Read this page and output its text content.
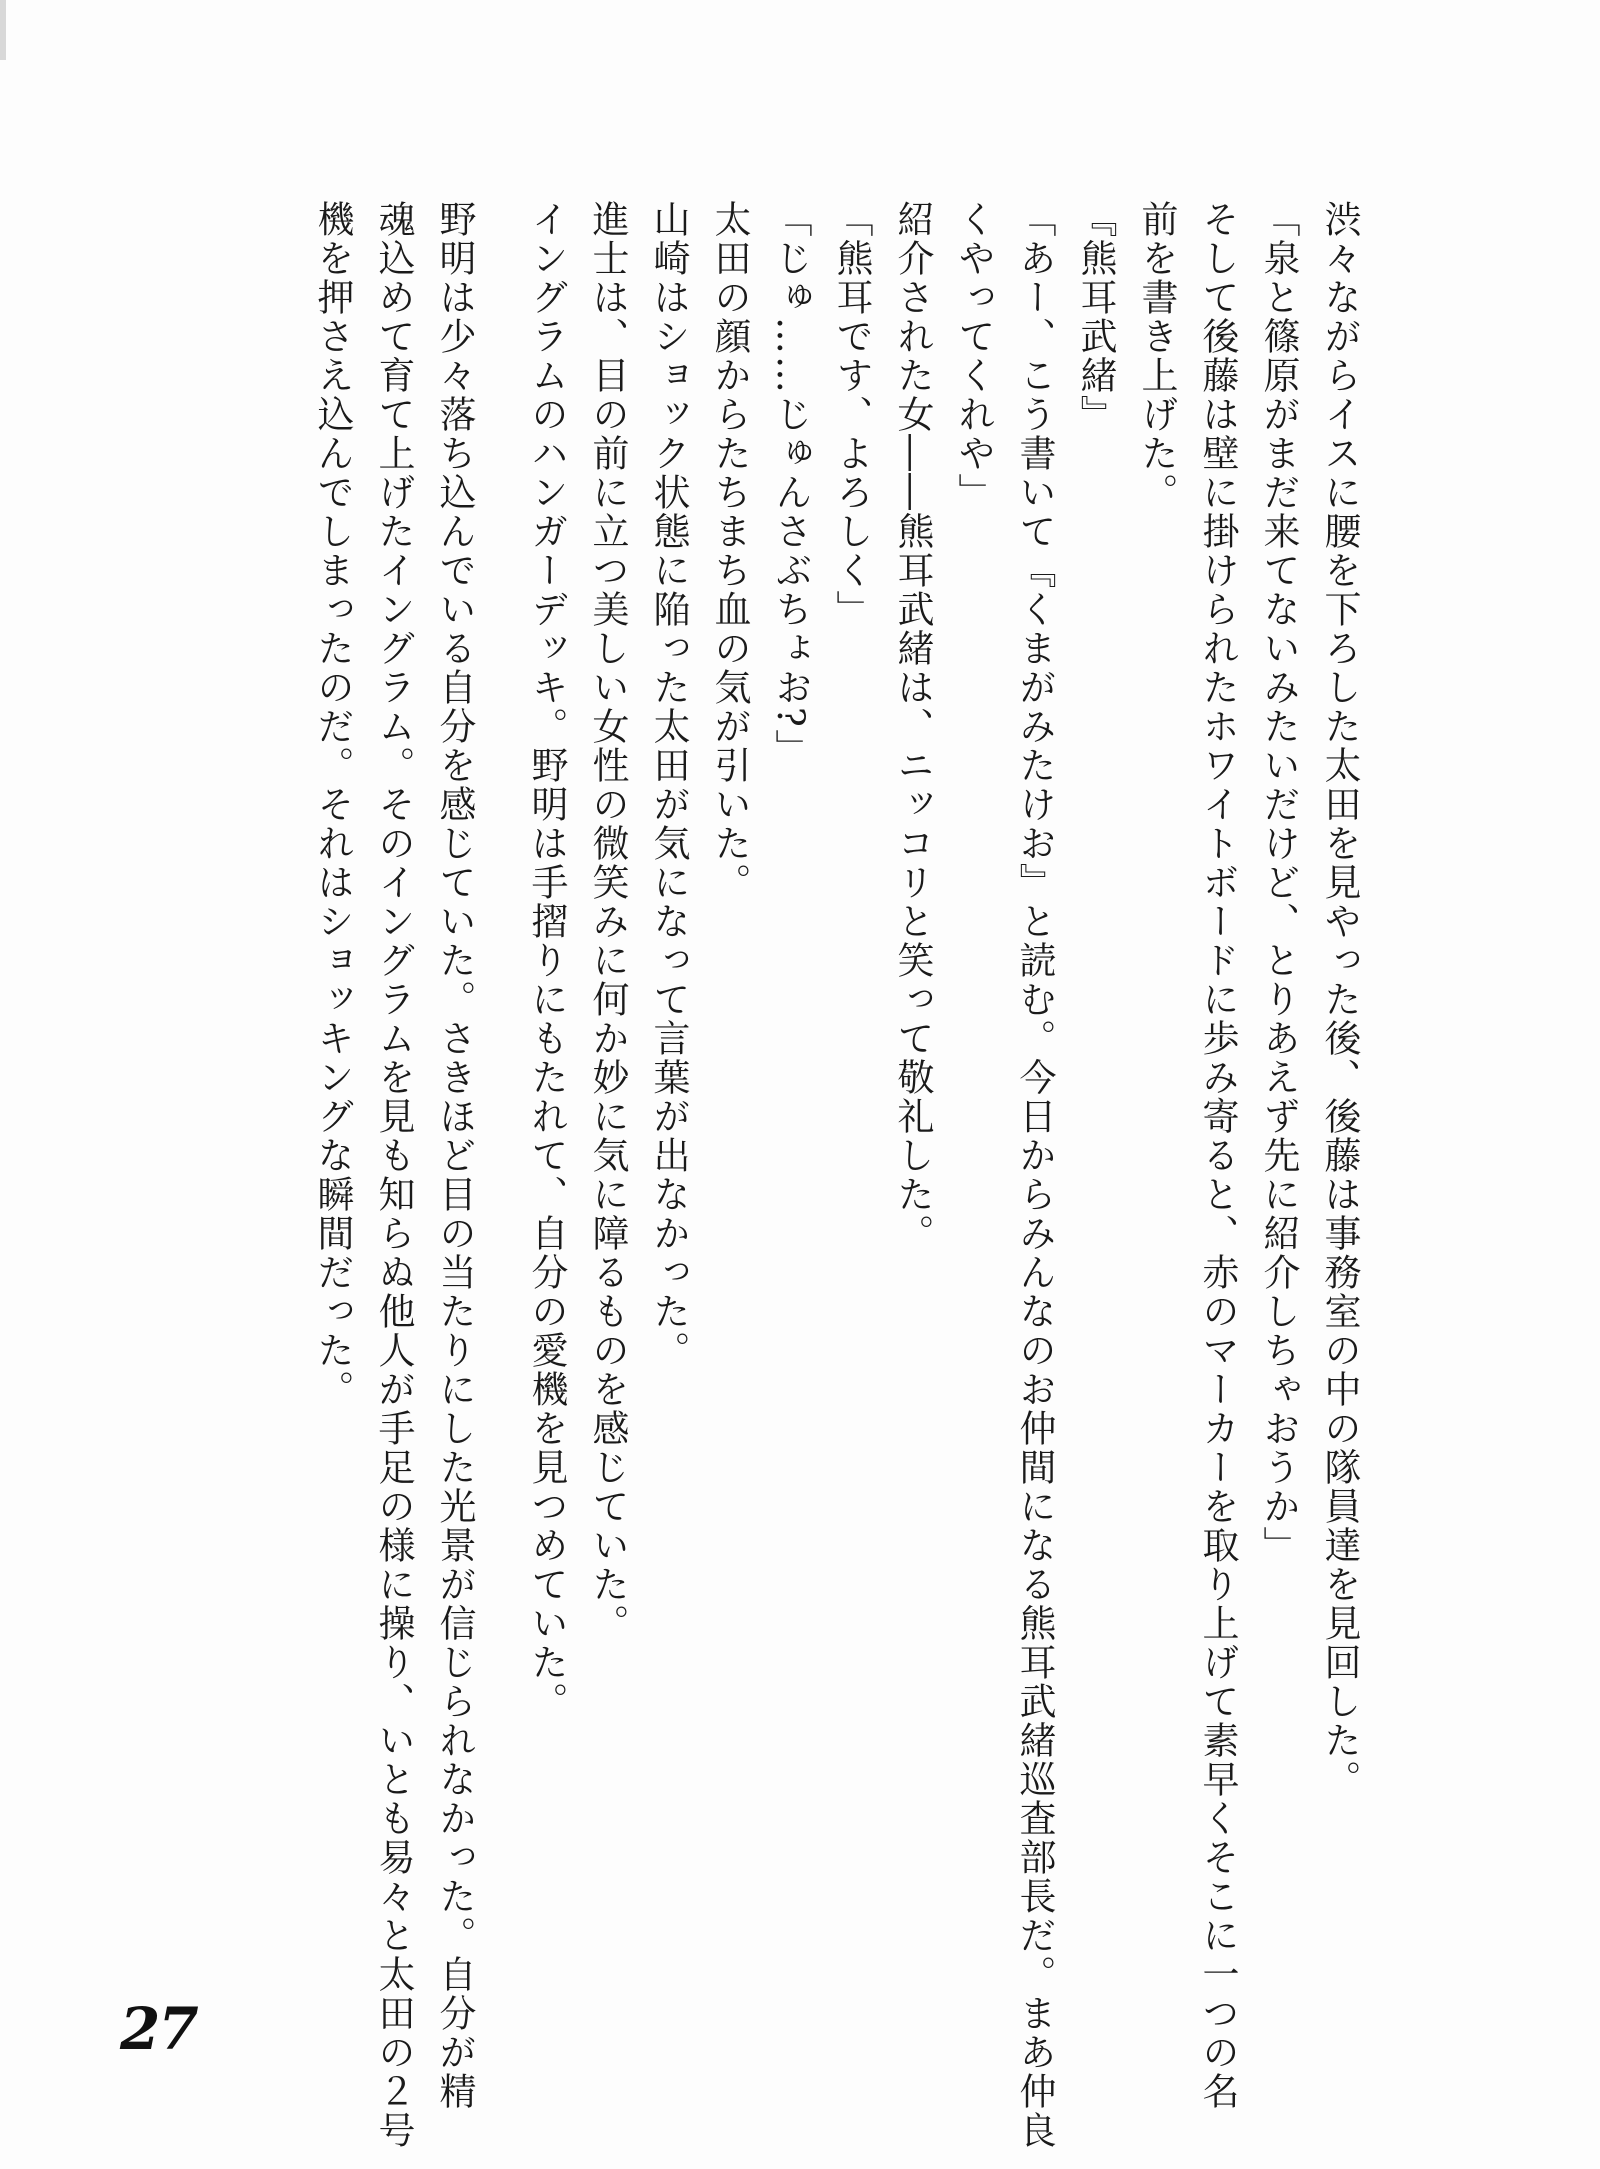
渋々ながらイスに腰を下ろした太田を見やった後、後藤は事務室の中の隊員達を見回した。
「泉と篠原がまだ来てないみたいだけど、とりあえず先に紹介しちゃおうか」
そして後藤は壁に掛けられたホワイトボードに歩み寄ると、赤のマーカーを取り上げて素早くそこに一つの名
前を書き上げた。
『熊耳武緒』
「あー、こう書いて『くまがみたけお』と読む。今日からみんなのお仲間になる熊耳武緒巡査部長だ。まあ仲良
くやってくれや」
紹介された女――熊耳武緒は、ニッコリと笑って敬礼した。
「熊耳です、よろしく」
「じゅ……じゅんさぶちょお?」
太田の顔からたちまち血の気が引いた。
山崎はショック状態に陥った太田が気になって言葉が出なかった。
進士は、目の前に立つ美しい女性の微笑みに何か妙に気に障るものを感じていた。
イングラムのハンガーデッキ。野明は手摺りにもたれて、自分の愛機を見つめていた。
野明は少々落ち込んでいる自分を感じていた。さきほど目の当たりにした光景が信じられなかった。自分が精
魂込めて育て上げたイングラム。そのイングラムを見も知らぬ他人が手足の様に操り、いとも易々と太田の２号
機を押さえ込んでしまったのだ。それはショッキングな瞬間だった。
27
